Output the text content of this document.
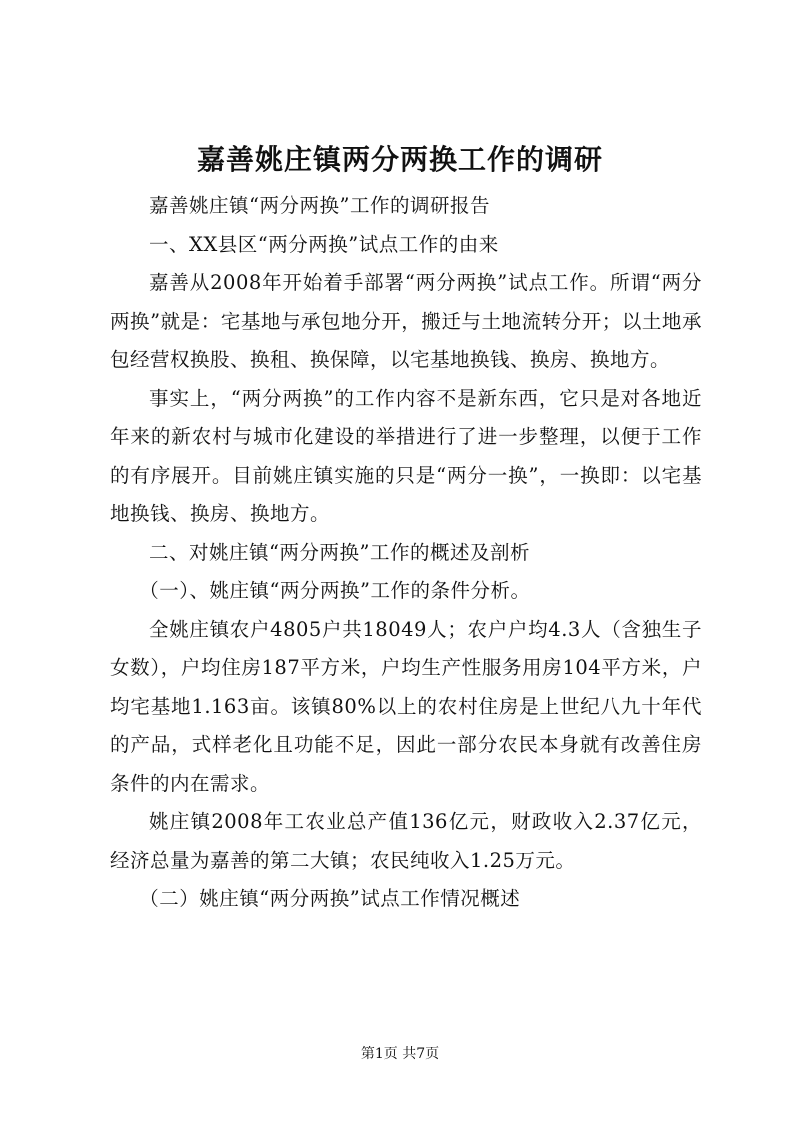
嘉善姚庄镇两分两换工作的调研

嘉善姚庄镇“两分两换”工作的调研报告

一、XX县区“两分两换”试点工作的由来

嘉善从2008年开始着手部署“两分两换”试点工作。所谓“两分两换”就是：宅基地与承包地分开，搬迁与土地流转分开；以土地承包经营权换股、换租、换保障，以宅基地换钱、换房、换地方。

事实上，“两分两换”的工作内容不是新东西，它只是对各地近年来的新农村与城市化建设的举措进行了进一步整理，以便于工作的有序展开。目前姚庄镇实施的只是“两分一换”，一换即：以宅基地换钱、换房、换地方。

二、对姚庄镇“两分两换”工作的概述及剖析

（一）、姚庄镇“两分两换”工作的条件分析。

全姚庄镇农户4805户共18049人；农户户均4.3人（含独生子女数），户均住房187平方米，户均生产性服务用房104平方米，户均宅基地1.163亩。该镇80%以上的农村住房是上世纪八九十年代的产品，式样老化且功能不足，因此一部分农民本身就有改善住房条件的内在需求。

姚庄镇2008年工农业总产值136亿元，财政收入2.37亿元，经济总量为嘉善的第二大镇；农民纯收入1.25万元。

（二）姚庄镇“两分两换”试点工作情况概述

第1页 共7页
